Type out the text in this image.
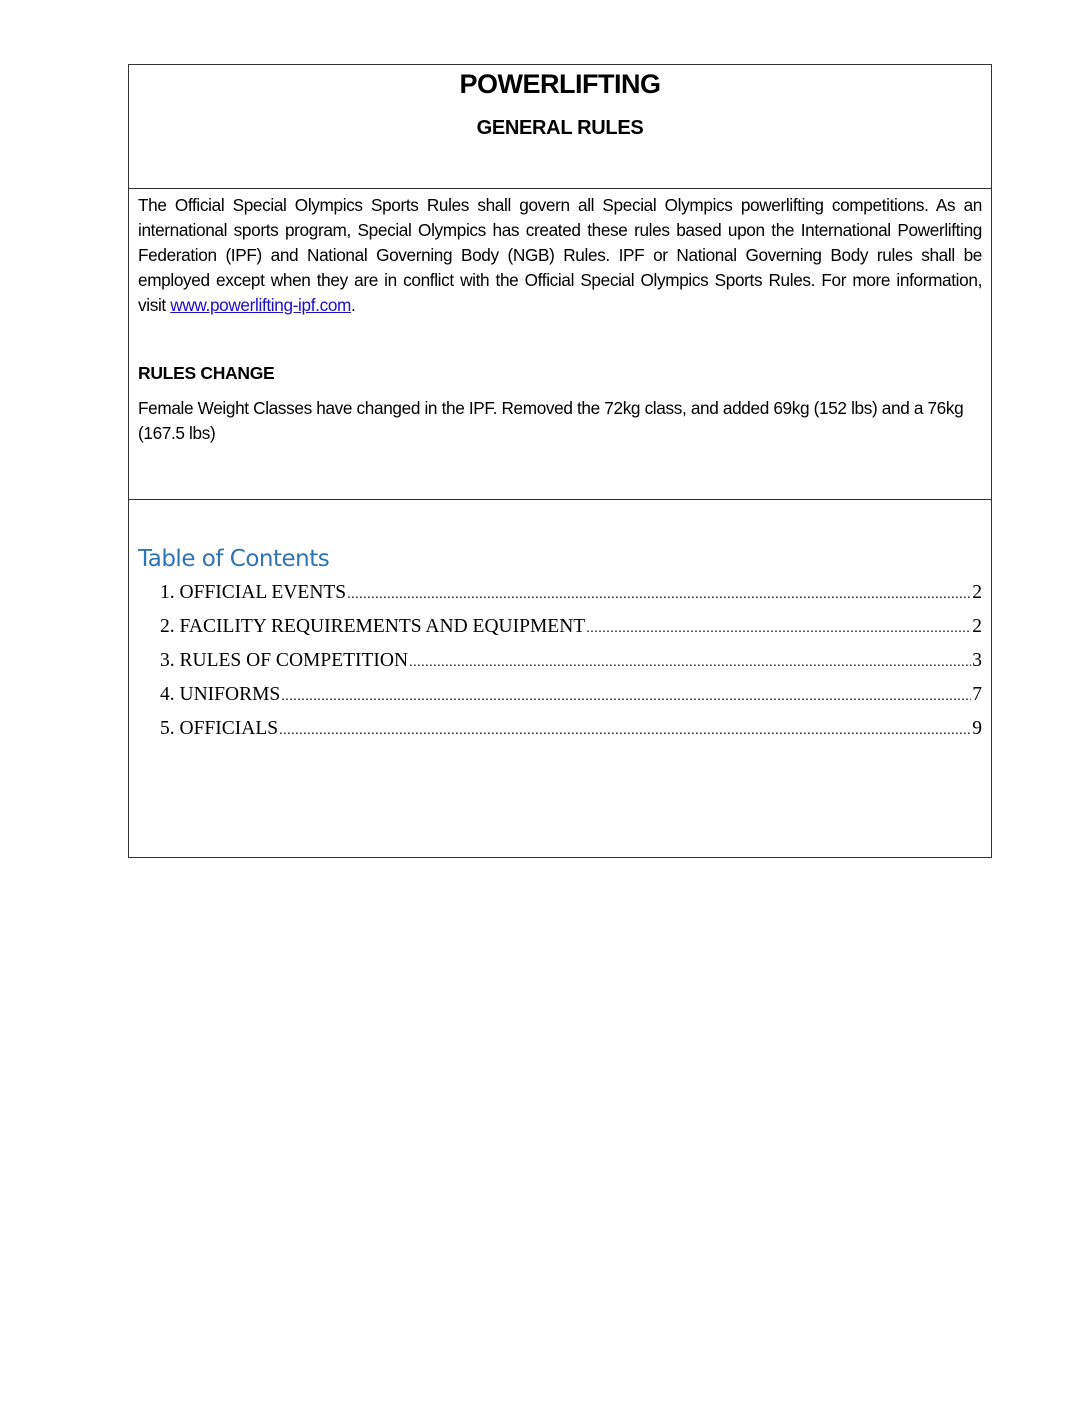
POWERLIFTING
GENERAL RULES

The Official Special Olympics Sports Rules shall govern all Special Olympics powerlifting competitions. As an international sports program, Special Olympics has created these rules based upon the International Powerlifting Federation (IPF) and National Governing Body (NGB) Rules. IPF or National Governing Body rules shall be employed except when they are in conflict with the Official Special Olympics Sports Rules. For more information, visit www.powerlifting-ipf.com.

RULES CHANGE
Female Weight Classes have changed in the IPF. Removed the 72kg class, and added 69kg (152 lbs) and a 76kg (167.5 lbs)
Table of Contents
1. OFFICIAL EVENTS .....	2
2. FACILITY REQUIREMENTS AND EQUIPMENT .....	2
3. RULES OF COMPETITION .....	3
4. UNIFORMS .....	7
5. OFFICIALS .....	9
